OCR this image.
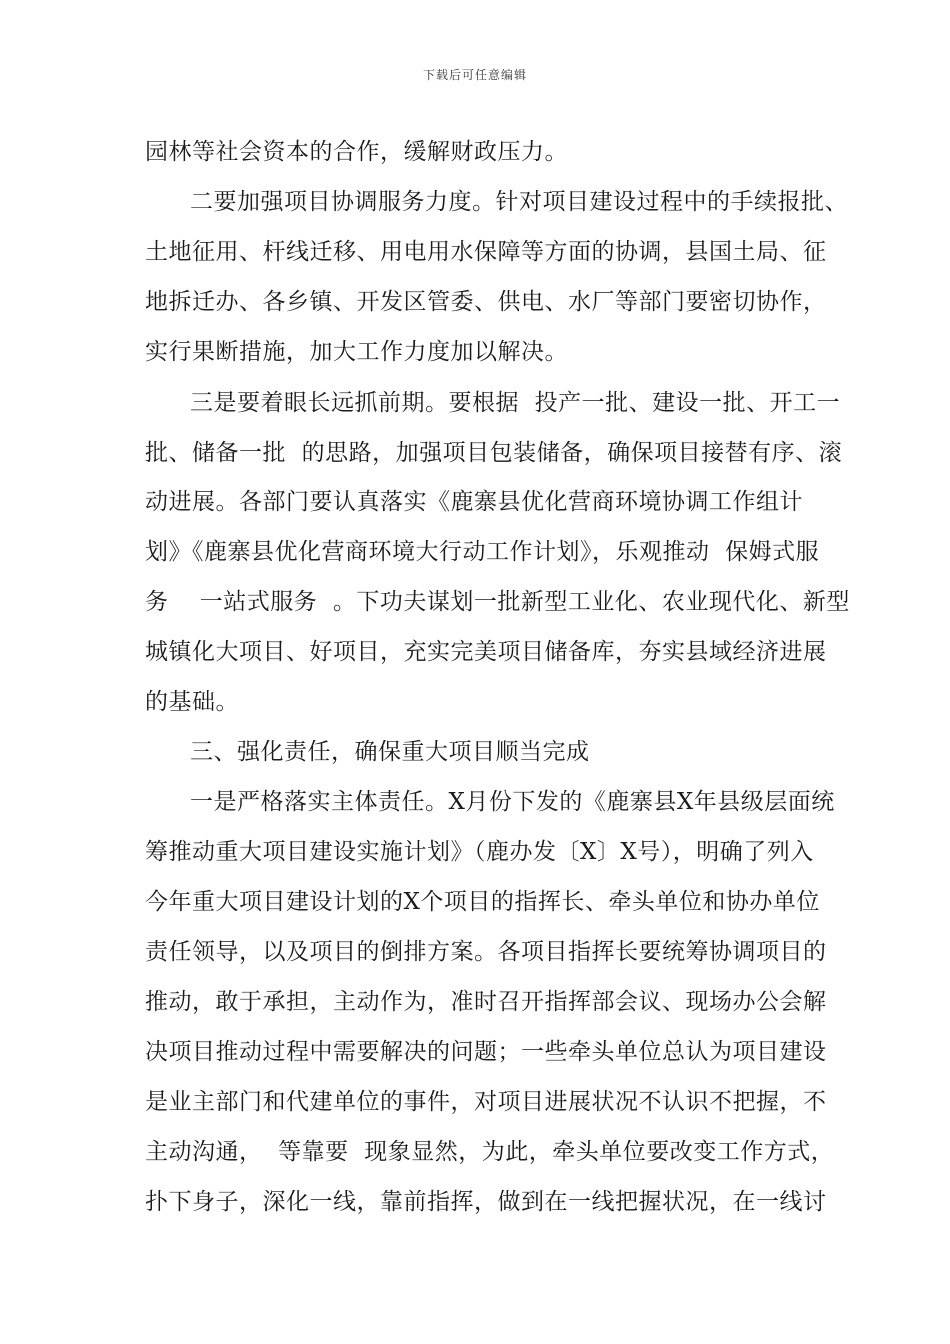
下载后可任意编辑
园林等社会资本的合作，缓解财政压力。
二要加强项目协调服务力度。针对项目建设过程中的手续报批、
土地征用、杆线迁移、用电用水保障等方面的协调，县国土局、征
地拆迁办、各乡镇、开发区管委、供电、水厂等部门要密切协作，
实行果断措施，加大工作力度加以解决。
三是要着眼长远抓前期。要根据  投产一批、建设一批、开工一
批、储备一批  的思路，加强项目包装储备，确保项目接替有序、滚
动进展。各部门要认真落实《鹿寨县优化营商环境协调工作组计
划》《鹿寨县优化营商环境大行动工作计划》，乐观推动  保姆式服
务    一站式服务  。下功夫谋划一批新型工业化、农业现代化、新型
城镇化大项目、好项目，充实完美项目储备库，夯实县域经济进展
的基础。
三、强化责任，确保重大项目顺当完成
一是严格落实主体责任。X月份下发的《鹿寨县X年县级层面统
筹推动重大项目建设实施计划》（鹿办发〔X〕X号），明确了列入
今年重大项目建设计划的X个项目的指挥长、牵头单位和协办单位
责任领导，以及项目的倒排方案。各项目指挥长要统筹协调项目的
推动，敢于承担，主动作为，准时召开指挥部会议、现场办公会解
决项目推动过程中需要解决的问题；一些牵头单位总认为项目建设
是业主部门和代建单位的事件，对项目进展状况不认识不把握，不
主动沟通，  等靠要  现象显然，为此，牵头单位要改变工作方式，
扑下身子，深化一线，靠前指挥，做到在一线把握状况，在一线讨
